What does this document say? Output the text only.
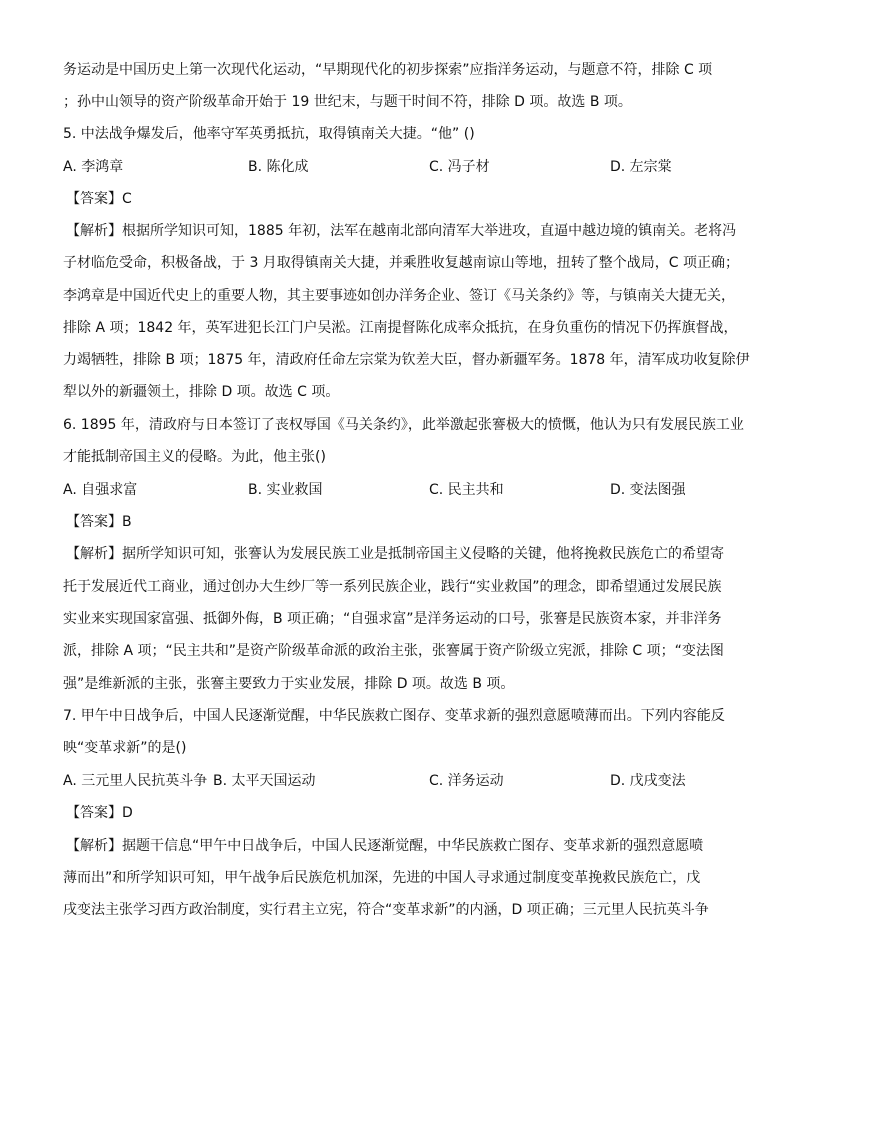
务运动是中国历史上第一次现代化运动，“早期现代化的初步探索”应指洋务运动，与题意不符，排除 C 项
；孙中山领导的资产阶级革命开始于 19 世纪末，与题干时间不符，排除 D 项。故选 B 项。
5. 中法战争爆发后，他率守军英勇抵抗，取得镇南关大捷。“他” ()
A. 李鸿章	B. 陈化成	C. 冯子材	D. 左宗棠
【答案】C
【解析】根据所学知识可知，1885 年初，法军在越南北部向清军大举进攻，直逼中越边境的镇南关。老将冯
子材临危受命，积极备战，于 3 月取得镇南关大捷，并乘胜收复越南谅山等地，扭转了整个战局，C 项正确；
李鸿章是中国近代史上的重要人物，其主要事迹如创办洋务企业、签订《马关条约》等，与镇南关大捷无关，
排除 A 项；1842 年，英军进犯长江门户吴淞。江南提督陈化成率众抵抗，在身负重伤的情况下仍挥旗督战，
力竭牺牲，排除 B 项；1875 年，清政府任命左宗棠为钦差大臣，督办新疆军务。1878 年，清军成功收复除伊
犁以外的新疆领土，排除 D 项。故选 C 项。
6. 1895 年，清政府与日本签订了丧权辱国《马关条约》，此举激起张謇极大的愤慨，他认为只有发展民族工业
才能抵制帝国主义的侵略。为此，他主张()
A. 自强求富	B. 实业救国	C. 民主共和	D. 变法图强
【答案】B
【解析】据所学知识可知，张謇认为发展民族工业是抵制帝国主义侵略的关键，他将挽救民族危亡的希望寄
托于发展近代工商业，通过创办大生纱厂等一系列民族企业，践行“实业救国”的理念，即希望通过发展民族
实业来实现国家富强、抵御外侮，B 项正确；“自强求富”是洋务运动的口号，张謇是民族资本家，并非洋务
派，排除 A 项；“民主共和”是资产阶级革命派的政治主张，张謇属于资产阶级立宪派，排除 C 项；“变法图
强”是维新派的主张，张謇主要致力于实业发展，排除 D 项。故选 B 项。
7. 甲午中日战争后，中国人民逐渐觉醒，中华民族救亡图存、变革求新的强烈意愿喷薄而出。下列内容能反
映“变革求新”的是()
A. 三元里人民抗英斗争 B. 太平天国运动	C. 洋务运动	D. 戊戌变法
【答案】D
【解析】据题干信息“甲午中日战争后，中国人民逐渐觉醒，中华民族救亡图存、变革求新的强烈意愿喷
薄而出”和所学知识可知，甲午战争后民族危机加深，先进的中国人寻求通过制度变革挽救民族危亡，戊
戌变法主张学习西方政治制度，实行君主立宪，符合“变革求新”的内涵，D 项正确；三元里人民抗英斗争
